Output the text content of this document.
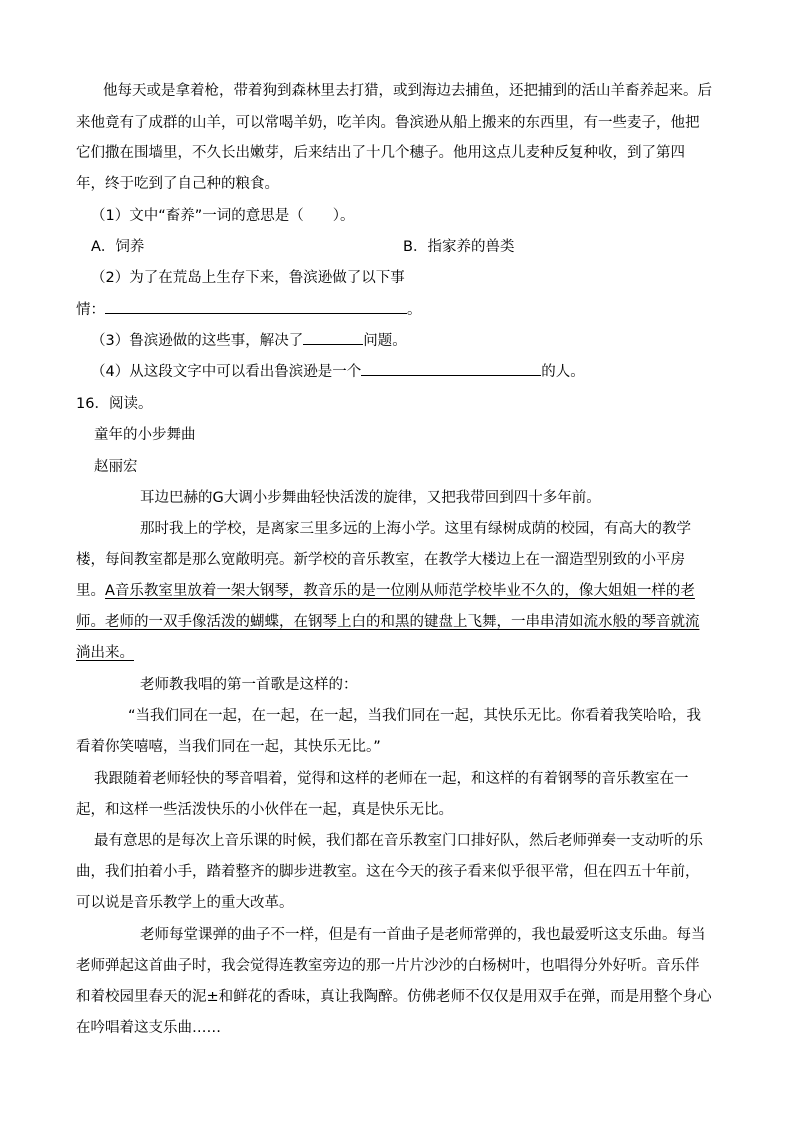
他每天或是拿着枪，带着狗到森林里去打猎，或到海边去捕鱼，还把捕到的活山羊畜养起来。后
来他竟有了成群的山羊，可以常喝羊奶，吃羊肉。鲁滨逊从船上搬来的东西里，有一些麦子，他把
它们撒在围墙里，不久长出嫩芽，后来结出了十几个穗子。他用这点儿麦种反复种收，到了第四
年，终于吃到了自己种的粮食。
（1）文中“畜养”一词的意思是（　　）。
A．饲养	B．指家养的兽类
（2）为了在荒岛上生存下来，鲁滨逊做了以下事
情：	。
（3）鲁滨逊做的这些事，解决了	问题。
（4）从这段文字中可以看出鲁滨逊是一个	的人。
16．阅读。
童年的小步舞曲
赵丽宏
耳边巴赫的G大调小步舞曲轻快活泼的旋律，又把我带回到四十多年前。
那时我上的学校，是离家三里多远的上海小学。这里有绿树成荫的校园，有高大的教学
楼，每间教室都是那么宽敞明亮。新学校的音乐教室，在教学大楼边上在一溜造型别致的小平房
里。A音乐教室里放着一架大钢琴，教音乐的是一位刚从师范学校毕业不久的，像大姐姐一样的老
师。老师的一双手像活泼的蝴蝶，在钢琴上白的和黑的键盘上飞舞，一串串清如流水般的琴音就流
淌出来。
老师教我唱的第一首歌是这样的：
“当我们同在一起，在一起，在一起，当我们同在一起，其快乐无比。你看着我笑哈哈，我
看着你笑嘻嘻，当我们同在一起，其快乐无比。”
我跟随着老师轻快的琴音唱着，觉得和这样的老师在一起，和这样的有着钢琴的音乐教室在一
起，和这样一些活泼快乐的小伙伴在一起，真是快乐无比。
最有意思的是每次上音乐课的时候，我们都在音乐教室门口排好队，然后老师弹奏一支动听的乐
曲，我们拍着小手，踏着整齐的脚步进教室。这在今天的孩子看来似乎很平常，但在四五十年前，
可以说是音乐教学上的重大改革。
老师每堂课弹的曲子不一样，但是有一首曲子是老师常弹的，我也最爱听这支乐曲。每当
老师弹起这首曲子时，我会觉得连教室旁边的那一片片沙沙的白杨树叶，也唱得分外好听。音乐伴
和着校园里春天的泥±和鲜花的香味，真让我陶醉。仿佛老师不仅仅是用双手在弹，而是用整个身心
在吟唱着这支乐曲……
